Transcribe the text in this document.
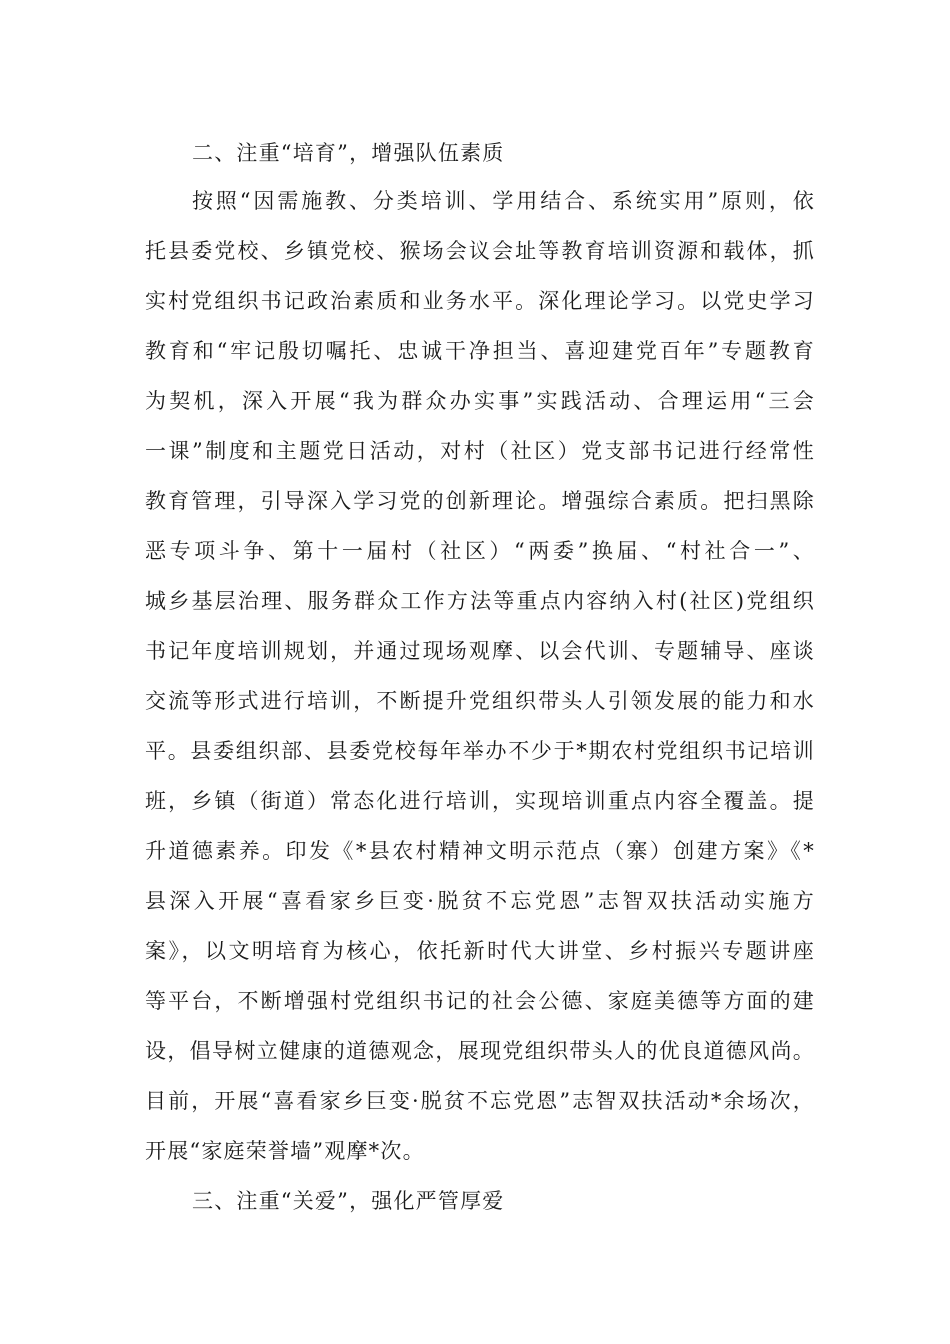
二、注重“培育”，增强队伍素质
按照“因需施教、分类培训、学用结合、系统实用”原则，依
托县委党校、乡镇党校、猴场会议会址等教育培训资源和载体，抓
实村党组织书记政治素质和业务水平。深化理论学习。以党史学习
教育和“牢记殷切嘱托、忠诚干净担当、喜迎建党百年”专题教育
为契机，深入开展“我为群众办实事”实践活动、合理运用“三会
一课”制度和主题党日活动，对村（社区）党支部书记进行经常性
教育管理，引导深入学习党的创新理论。增强综合素质。把扫黑除
恶专项斗争、第十一届村（社区）“两委”换届、“村社合一”、
城乡基层治理、服务群众工作方法等重点内容纳入村(社区)党组织
书记年度培训规划，并通过现场观摩、以会代训、专题辅导、座谈
交流等形式进行培训，不断提升党组织带头人引领发展的能力和水
平。县委组织部、县委党校每年举办不少于*期农村党组织书记培训
班，乡镇（街道）常态化进行培训，实现培训重点内容全覆盖。提
升道德素养。印发《*县农村精神文明示范点（寨）创建方案》《*
县深入开展“喜看家乡巨变·脱贫不忘党恩”志智双扶活动实施方
案》，以文明培育为核心，依托新时代大讲堂、乡村振兴专题讲座
等平台，不断增强村党组织书记的社会公德、家庭美德等方面的建
设，倡导树立健康的道德观念，展现党组织带头人的优良道德风尚。
目前，开展“喜看家乡巨变·脱贫不忘党恩”志智双扶活动*余场次，
开展“家庭荣誉墙”观摩*次。
三、注重“关爱”，强化严管厚爱
